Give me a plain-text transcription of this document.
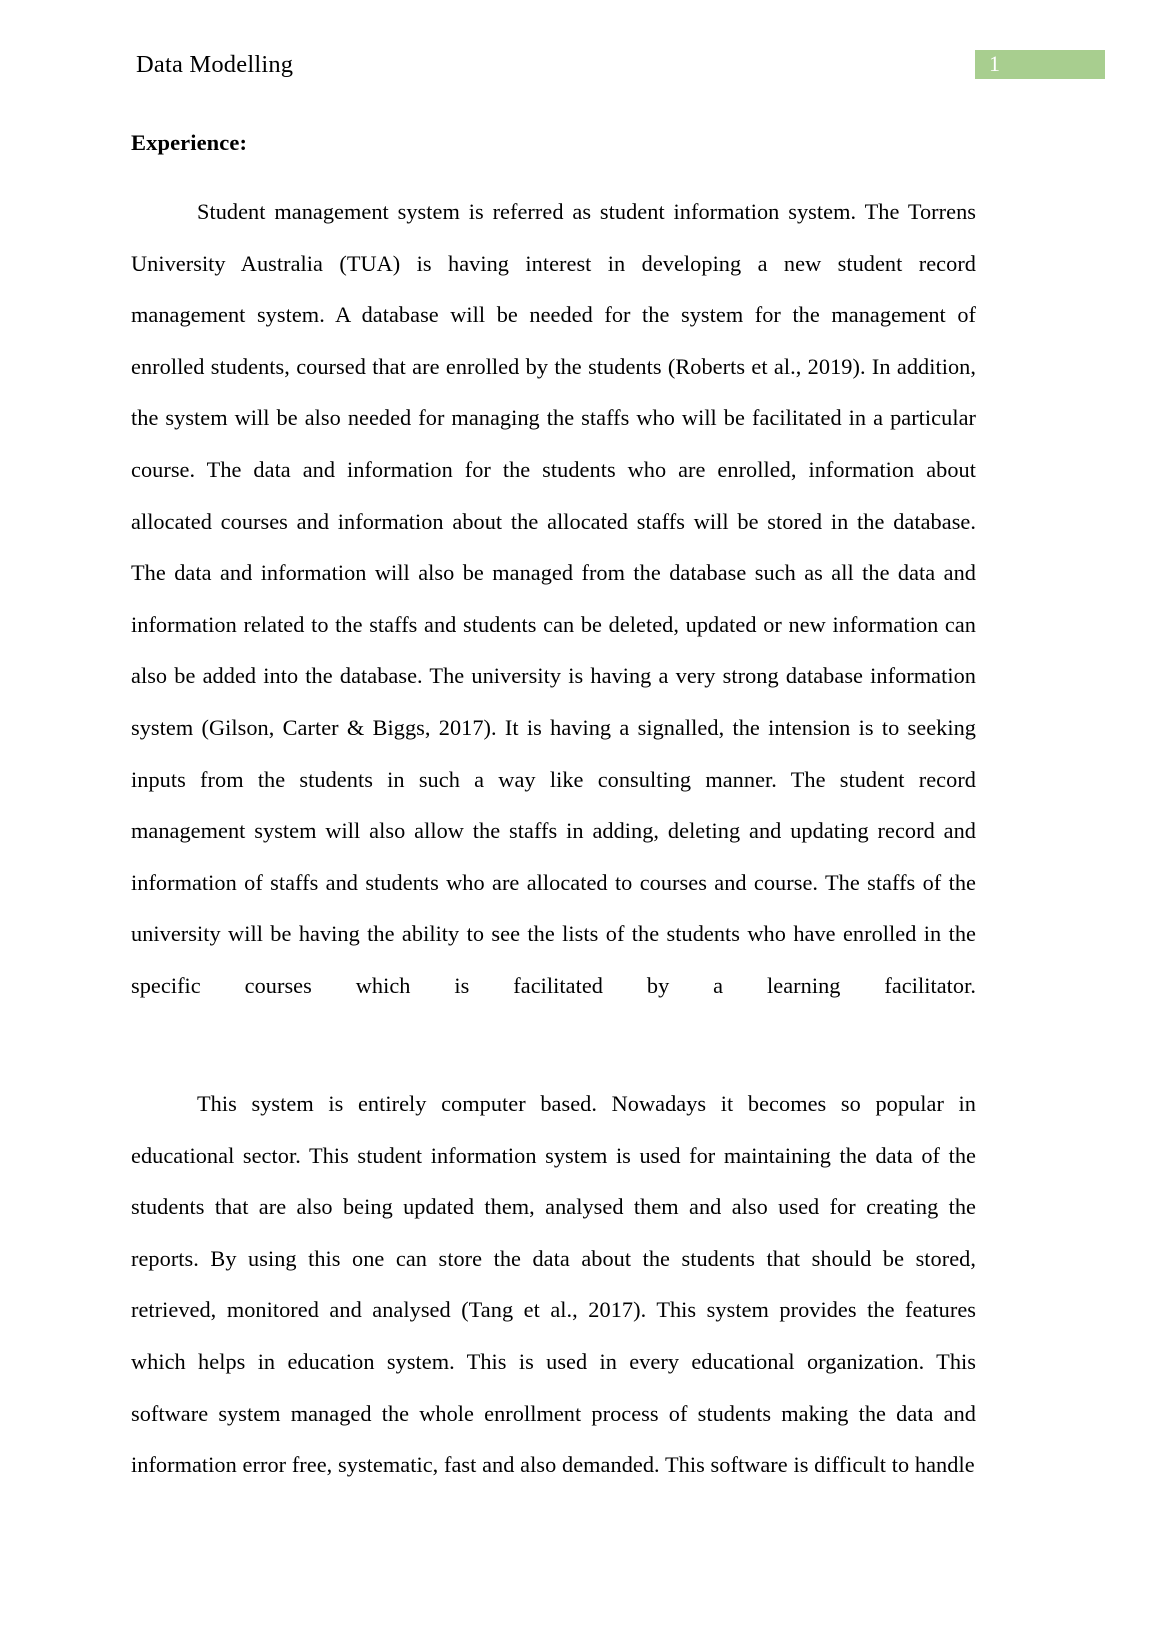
Data Modelling	1
Experience:

Student management system is referred as student information system. The Torrens University Australia (TUA) is having interest in developing a new student record management system. A database will be needed for the system for the management of enrolled students, coursed that are enrolled by the students (Roberts et al., 2019). In addition, the system will be also needed for managing the staffs who will be facilitated in a particular course. The data and information for the students who are enrolled, information about allocated courses and information about the allocated staffs will be stored in the database. The data and information will also be managed from the database such as all the data and information related to the staffs and students can be deleted, updated or new information can also be added into the database. The university is having a very strong database information system (Gilson, Carter & Biggs, 2017). It is having a signalled, the intension is to seeking inputs from the students in such a way like consulting manner. The student record management system will also allow the staffs in adding, deleting and updating record and information of staffs and students who are allocated to courses and course. The staffs of the university will be having the ability to see the lists of the students who have enrolled in the specific courses which is facilitated by a learning facilitator.

This system is entirely computer based. Nowadays it becomes so popular in educational sector. This student information system is used for maintaining the data of the students that are also being updated them, analysed them and also used for creating the reports. By using this one can store the data about the students that should be stored, retrieved, monitored and analysed (Tang et al., 2017). This system provides the features which helps in education system. This is used in every educational organization. This software system managed the whole enrollment process of students making the data and information error free, systematic, fast and also demanded. This software is difficult to handle
